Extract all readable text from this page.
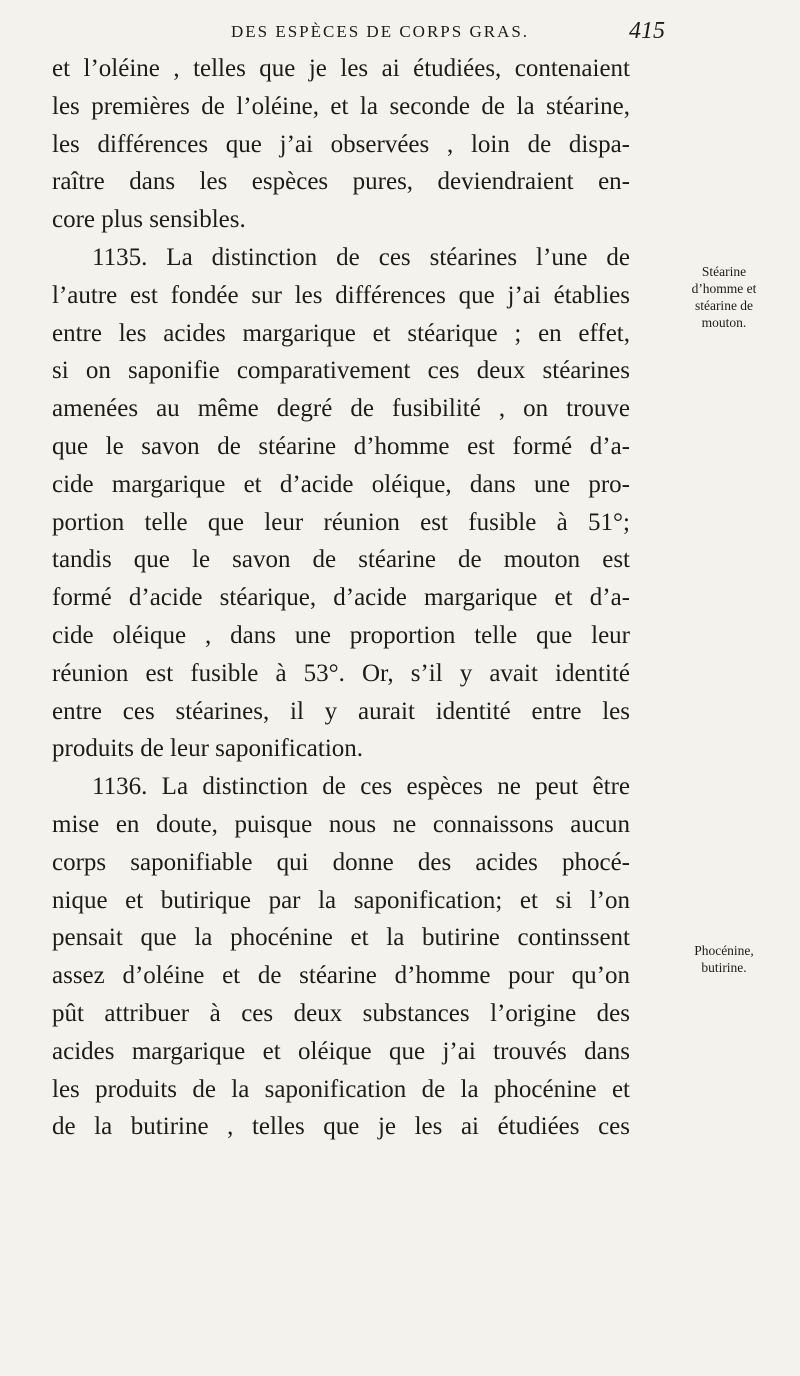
DES ESPÈCES DE CORPS GRAS.	415
et l’oléine , telles que je les ai étudiées, contenaient
les premières de l’oléine, et la seconde de la stéarine,
les différences que j’ai observées , loin de dispa-
raître dans les espèces pures, deviendraient en-
core plus sensibles.
1135. La distinction de ces stéarines l’une de
l’autre est fondée sur les différences que j’ai établies
entre les acides margarique et stéarique ; en effet,
si on saponifie comparativement ces deux stéarines
amenées au même degré de fusibilité , on trouve
que le savon de stéarine d’homme est formé d’a-
cide margarique et d’acide oléique, dans une pro-
portion telle que leur réunion est fusible à 51°;
tandis que le savon de stéarine de mouton est
formé d’acide stéarique, d’acide margarique et d’a-
cide oléique , dans une proportion telle que leur
réunion est fusible à 53°. Or, s’il y avait identité
entre ces stéarines, il y aurait identité entre les
produits de leur saponification.
1136. La distinction de ces espèces ne peut être
mise en doute, puisque nous ne connaissons aucun
corps saponifiable qui donne des acides phocé-
nique et butirique par la saponification; et si l’on
pensait que la phocénine et la butirine continssent
assez d’oléine et de stéarine d’homme pour qu’on
pût attribuer à ces deux substances l’origine des
acides margarique et oléique que j’ai trouvés dans
les produits de la saponification de la phocénine et
de la butirine , telles que je les ai étudiées ces
Stéarine
d’homme et
stéarine de
mouton.
Phocénine,
butirine.
